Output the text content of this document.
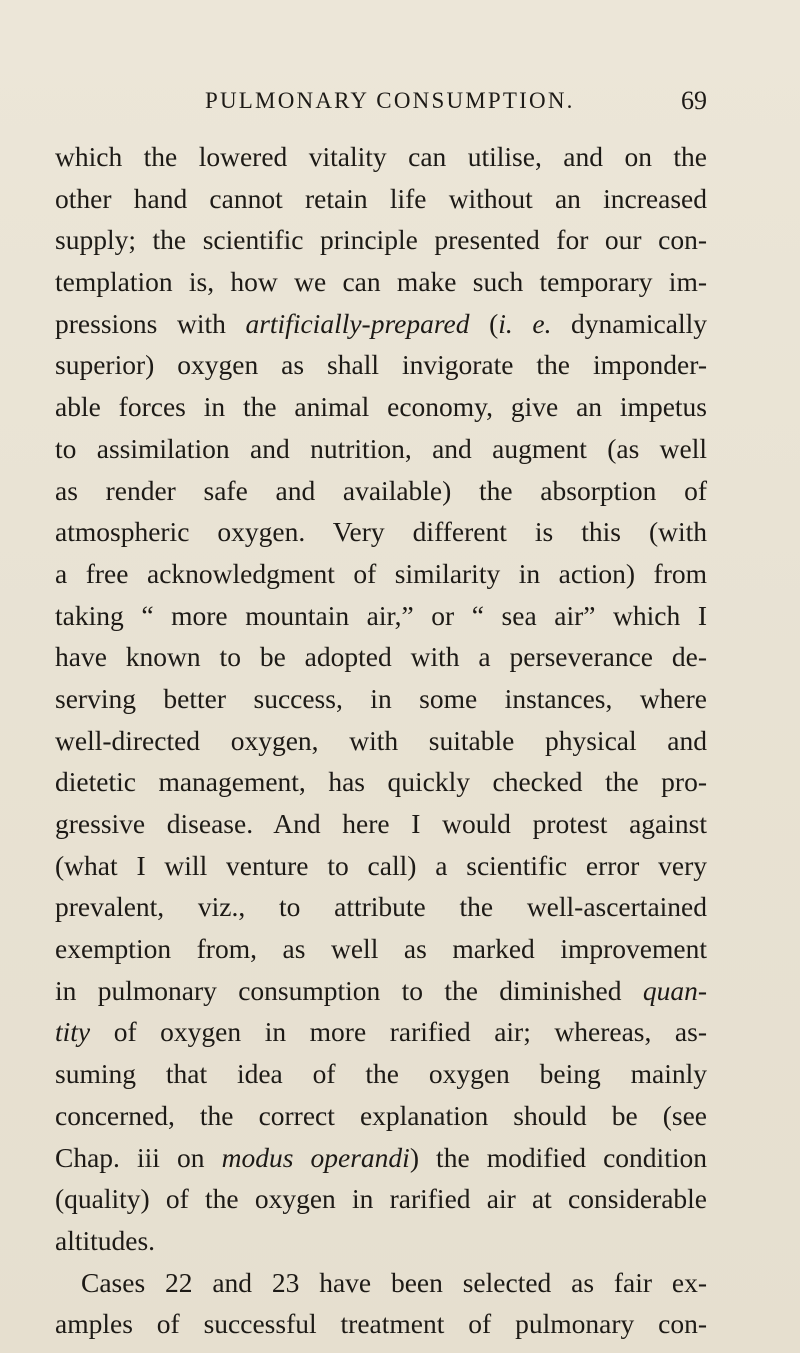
PULMONARY CONSUMPTION.	69
which the lowered vitality can utilise, and on the
other hand cannot retain life without an increased
supply; the scientific principle presented for our con-
templation is, how we can make such temporary im-
pressions with artificially-prepared (i. e. dynamically
superior) oxygen as shall invigorate the imponder-
able forces in the animal economy, give an impetus
to assimilation and nutrition, and augment (as well
as render safe and available) the absorption of
atmospheric oxygen. Very different is this (with
a free acknowledgment of similarity in action) from
taking “ more mountain air,” or “ sea air” which I
have known to be adopted with a perseverance de-
serving better success, in some instances, where
well-directed oxygen, with suitable physical and
dietetic management, has quickly checked the pro-
gressive disease. And here I would protest against
(what I will venture to call) a scientific error very
prevalent, viz., to attribute the well-ascertained
exemption from, as well as marked improvement
in pulmonary consumption to the diminished quan-
tity of oxygen in more rarified air; whereas, as-
suming that idea of the oxygen being mainly
concerned, the correct explanation should be (see
Chap. iii on modus operandi) the modified condition
(quality) of the oxygen in rarified air at considerable
altitudes.
Cases 22 and 23 have been selected as fair ex-
amples of successful treatment of pulmonary con-
